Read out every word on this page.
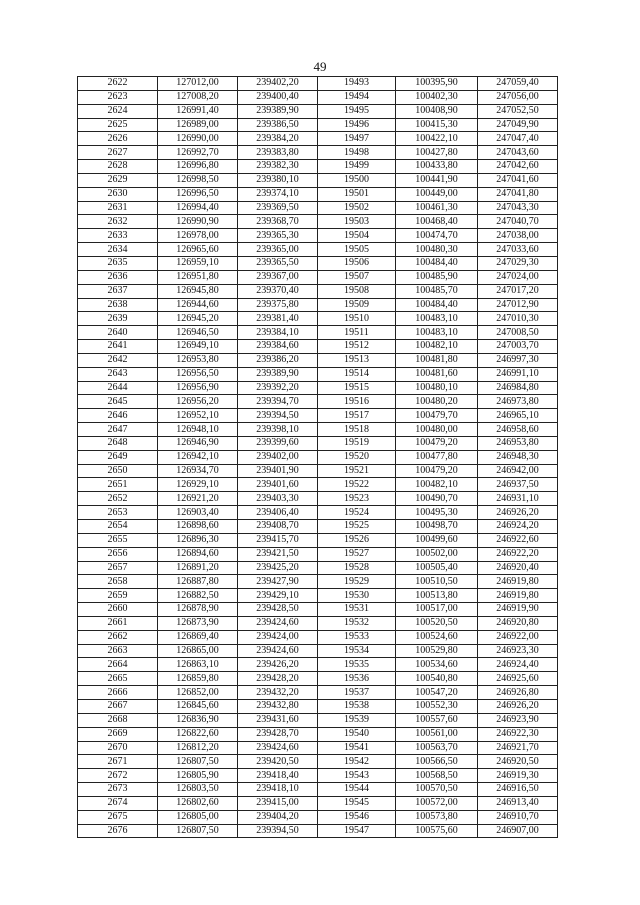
49
2622	127012,00	239402,20	19493	100395,90	247059,40
2623	127008,20	239400,40	19494	100402,30	247056,00
2624	126991,40	239389,90	19495	100408,90	247052,50
2625	126989,00	239386,50	19496	100415,30	247049,90
2626	126990,00	239384,20	19497	100422,10	247047,40
2627	126992,70	239383,80	19498	100427,80	247043,60
2628	126996,80	239382,30	19499	100433,80	247042,60
2629	126998,50	239380,10	19500	100441,90	247041,60
2630	126996,50	239374,10	19501	100449,00	247041,80
2631	126994,40	239369,50	19502	100461,30	247043,30
2632	126990,90	239368,70	19503	100468,40	247040,70
2633	126978,00	239365,30	19504	100474,70	247038,00
2634	126965,60	239365,00	19505	100480,30	247033,60
2635	126959,10	239365,50	19506	100484,40	247029,30
2636	126951,80	239367,00	19507	100485,90	247024,00
2637	126945,80	239370,40	19508	100485,70	247017,20
2638	126944,60	239375,80	19509	100484,40	247012,90
2639	126945,20	239381,40	19510	100483,10	247010,30
2640	126946,50	239384,10	19511	100483,10	247008,50
2641	126949,10	239384,60	19512	100482,10	247003,70
2642	126953,80	239386,20	19513	100481,80	246997,30
2643	126956,50	239389,90	19514	100481,60	246991,10
2644	126956,90	239392,20	19515	100480,10	246984,80
2645	126956,20	239394,70	19516	100480,20	246973,80
2646	126952,10	239394,50	19517	100479,70	246965,10
2647	126948,10	239398,10	19518	100480,00	246958,60
2648	126946,90	239399,60	19519	100479,20	246953,80
2649	126942,10	239402,00	19520	100477,80	246948,30
2650	126934,70	239401,90	19521	100479,20	246942,00
2651	126929,10	239401,60	19522	100482,10	246937,50
2652	126921,20	239403,30	19523	100490,70	246931,10
2653	126903,40	239406,40	19524	100495,30	246926,20
2654	126898,60	239408,70	19525	100498,70	246924,20
2655	126896,30	239415,70	19526	100499,60	246922,60
2656	126894,60	239421,50	19527	100502,00	246922,20
2657	126891,20	239425,20	19528	100505,40	246920,40
2658	126887,80	239427,90	19529	100510,50	246919,80
2659	126882,50	239429,10	19530	100513,80	246919,80
2660	126878,90	239428,50	19531	100517,00	246919,90
2661	126873,90	239424,60	19532	100520,50	246920,80
2662	126869,40	239424,00	19533	100524,60	246922,00
2663	126865,00	239424,60	19534	100529,80	246923,30
2664	126863,10	239426,20	19535	100534,60	246924,40
2665	126859,80	239428,20	19536	100540,80	246925,60
2666	126852,00	239432,20	19537	100547,20	246926,80
2667	126845,60	239432,80	19538	100552,30	246926,20
2668	126836,90	239431,60	19539	100557,60	246923,90
2669	126822,60	239428,70	19540	100561,00	246922,30
2670	126812,20	239424,60	19541	100563,70	246921,70
2671	126807,50	239420,50	19542	100566,50	246920,50
2672	126805,90	239418,40	19543	100568,50	246919,30
2673	126803,50	239418,10	19544	100570,50	246916,50
2674	126802,60	239415,00	19545	100572,00	246913,40
2675	126805,00	239404,20	19546	100573,80	246910,70
2676	126807,50	239394,50	19547	100575,60	246907,00
